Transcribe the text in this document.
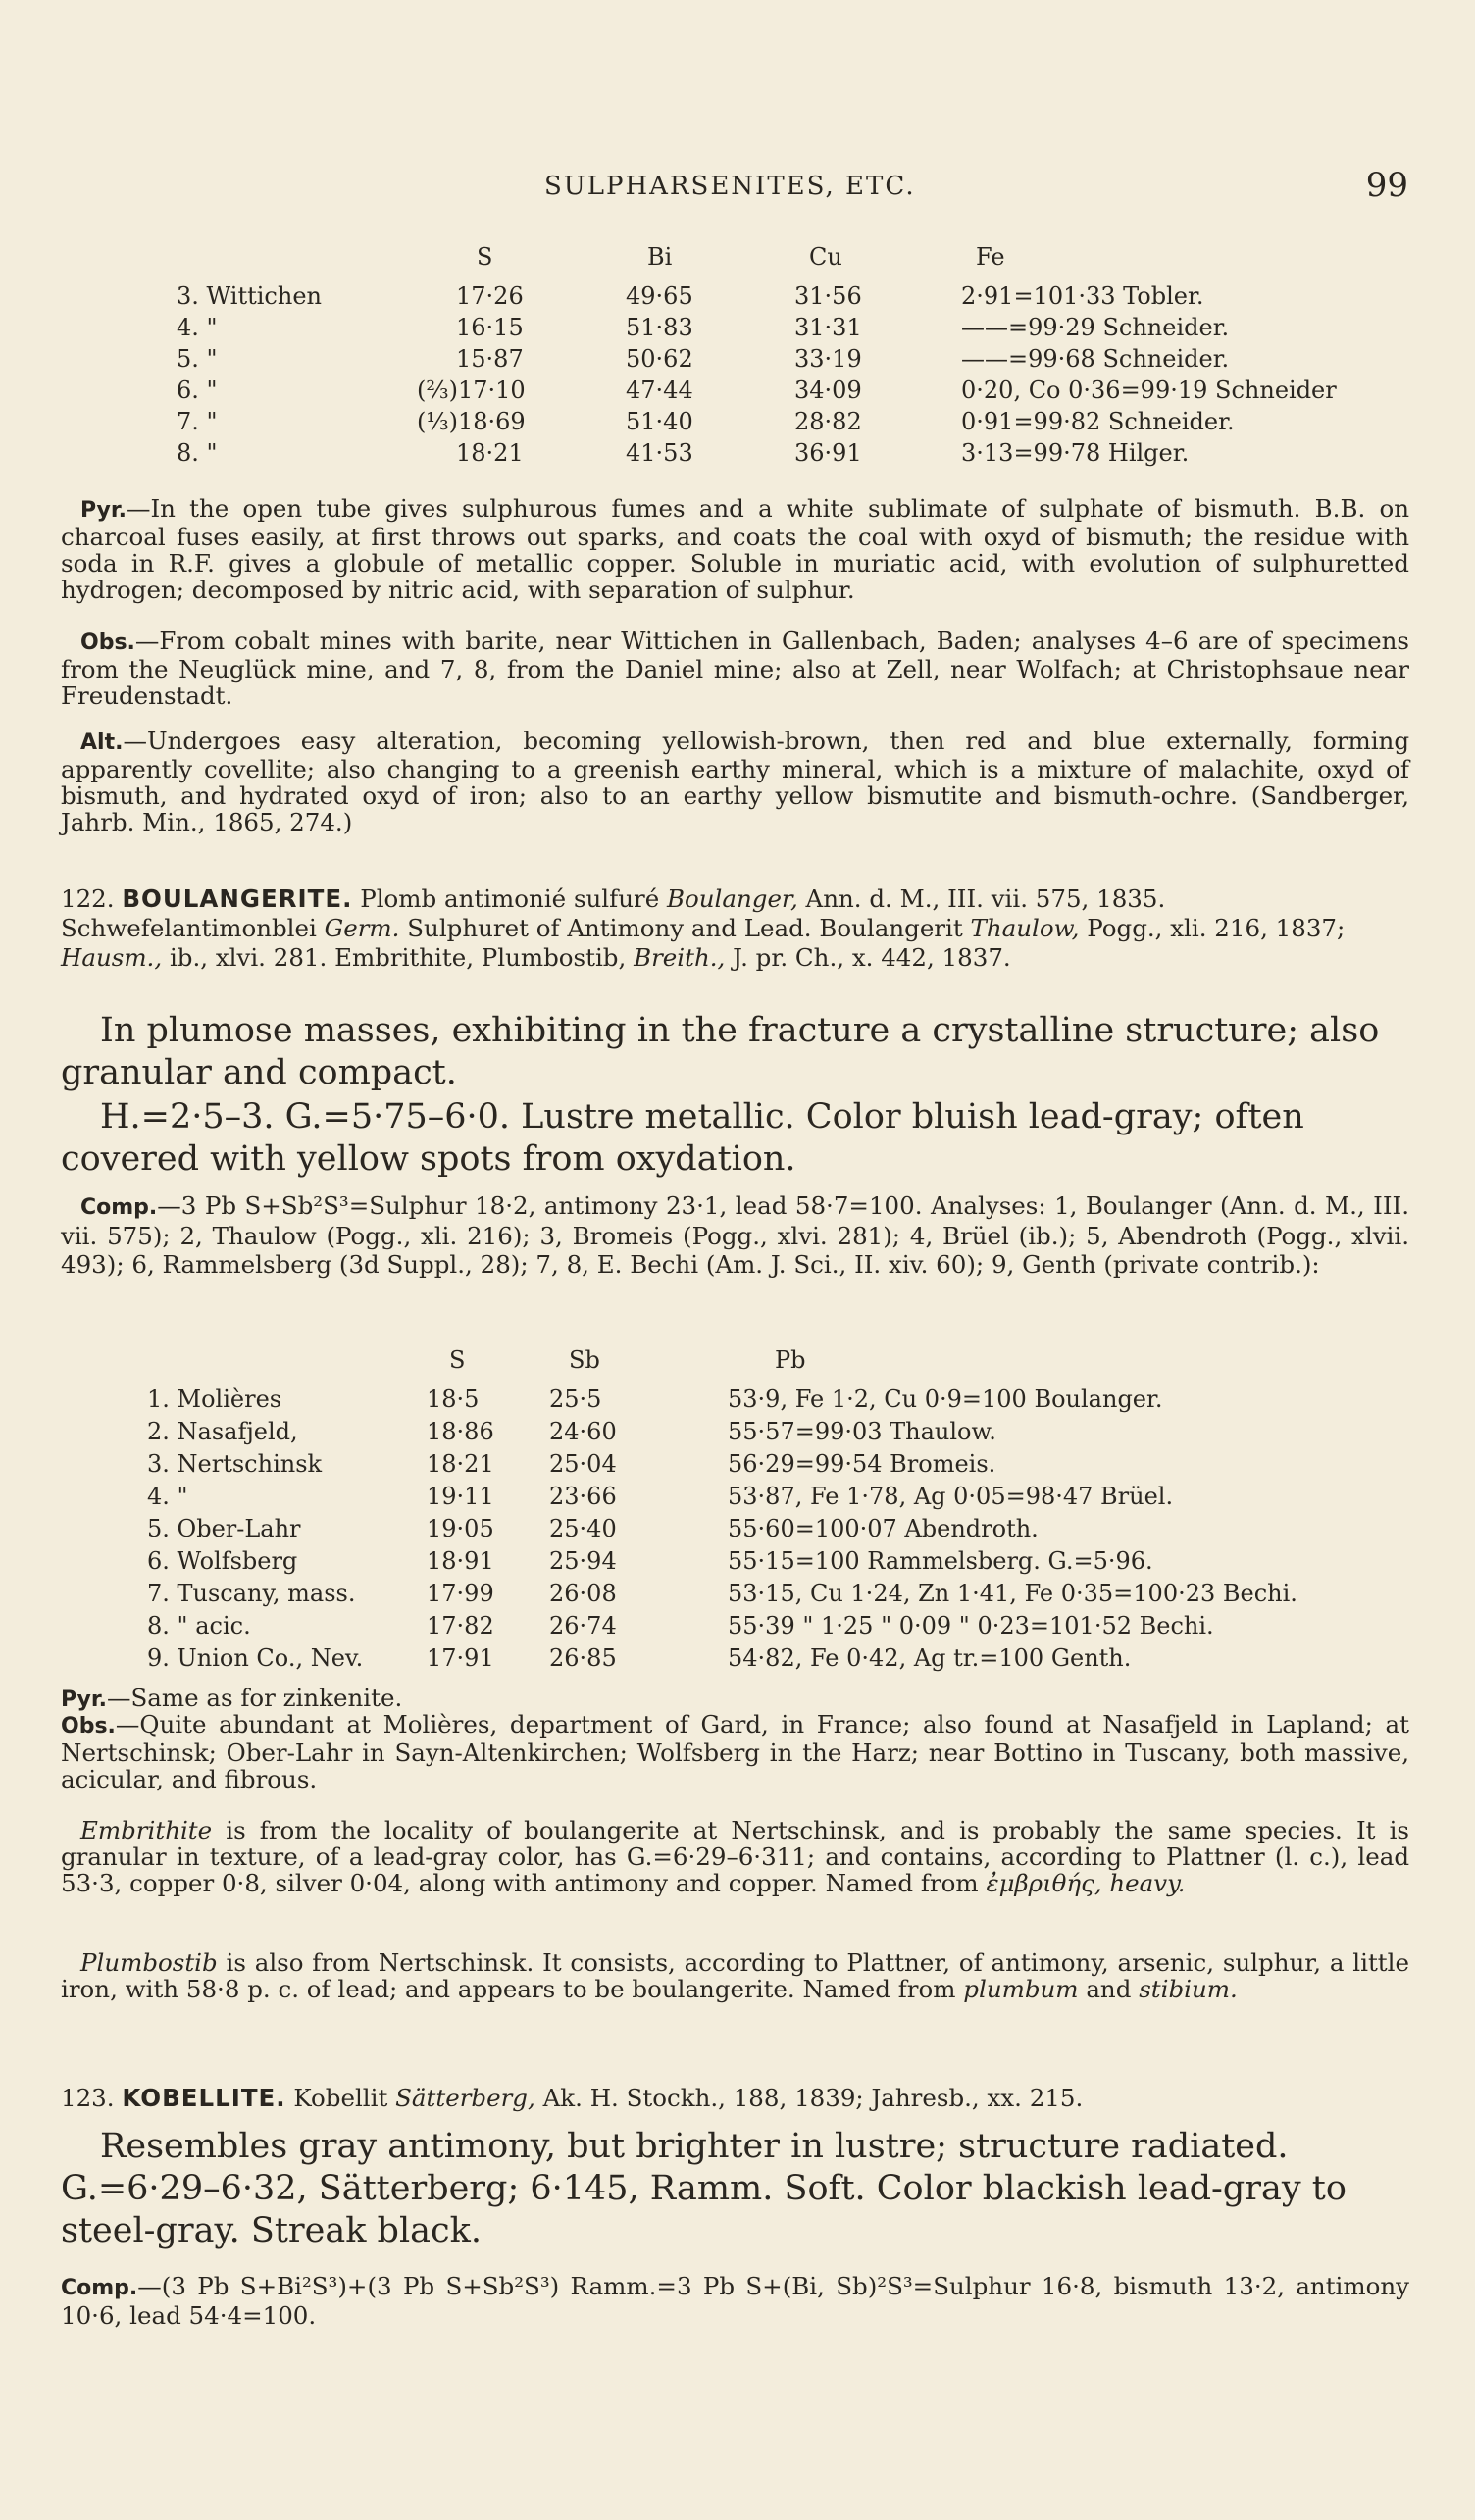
SULPHARSENITES, ETC.	99
S	Bi	Cu	Fe
3. Wittichen	17·26	49·65	31·56	2·91=101·33 Tobler.
4. "	16·15	51·83	31·31	——=99·29 Schneider.
5. "	15·87	50·62	33·19	——=99·68 Schneider.
6. "	(⅔)17·10	47·44	34·09	0·20, Co 0·36=99·19 Schneider
7. "	(⅓)18·69	51·40	28·82	0·91=99·82 Schneider.
8. "	18·21	41·53	36·91	3·13=99·78 Hilger.
Pyr.—In the open tube gives sulphurous fumes and a white sublimate of sulphate of bismuth. B.B. on charcoal fuses easily, at first throws out sparks, and coats the coal with oxyd of bismuth; the residue with soda in R.F. gives a globule of metallic copper. Soluble in muriatic acid, with evolution of sulphuretted hydrogen; decomposed by nitric acid, with separation of sulphur.
Obs.—From cobalt mines with barite, near Wittichen in Gallenbach, Baden; analyses 4–6 are of specimens from the Neuglück mine, and 7, 8, from the Daniel mine; also at Zell, near Wolfach; at Christophsaue near Freudenstadt.
Alt.—Undergoes easy alteration, becoming yellowish-brown, then red and blue externally, forming apparently covellite; also changing to a greenish earthy mineral, which is a mixture of malachite, oxyd of bismuth, and hydrated oxyd of iron; also to an earthy yellow bismutite and bismuth-ochre. (Sandberger, Jahrb. Min., 1865, 274.)
122. BOULANGERITE. Plomb antimonié sulfuré Boulanger, Ann. d. M., III. vii. 575, 1835. Schwefelantimonblei Germ. Sulphuret of Antimony and Lead. Boulangerit Thaulow, Pogg., xli. 216, 1837; Hausm., ib., xlvi. 281. Embrithite, Plumbostib, Breith., J. pr. Ch., x. 442, 1837.
In plumose masses, exhibiting in the fracture a crystalline structure; also granular and compact.
H.=2·5–3. G.=5·75–6·0. Lustre metallic. Color bluish lead-gray; often covered with yellow spots from oxydation.
Comp.—3 Pb S+Sb²S³=Sulphur 18·2, antimony 23·1, lead 58·7=100. Analyses: 1, Boulanger (Ann. d. M., III. vii. 575); 2, Thaulow (Pogg., xli. 216); 3, Bromeis (Pogg., xlvi. 281); 4, Brüel (ib.); 5, Abendroth (Pogg., xlvii. 493); 6, Rammelsberg (3d Suppl., 28); 7, 8, E. Bechi (Am. J. Sci., II. xiv. 60); 9, Genth (private contrib.):
S	Sb	Pb
1. Molières	18·5	25·5	53·9, Fe 1·2, Cu 0·9=100 Boulanger.
2. Nasafjeld,	18·86 24·60	55·57=99·03 Thaulow.
3. Nertschinsk	18·21 25·04	56·29=99·54 Bromeis.
4. "	19·11 23·66	53·87, Fe 1·78, Ag 0·05=98·47 Brüel.
5. Ober-Lahr	19·05 25·40	55·60=100·07 Abendroth.
6. Wolfsberg	18·91 25·94	55·15=100 Rammelsberg. G.=5·96.
7. Tuscany, mass.	17·99 26·08	53·15, Cu 1·24, Zn 1·41, Fe 0·35=100·23 Bechi.
8. " acic.	17·82 26·74	55·39 " 1·25 " 0·09 " 0·23=101·52 Bechi.
9. Union Co., Nev.	17·91 26·85	54·82, Fe 0·42, Ag tr.=100 Genth.
Pyr.—Same as for zinkenite.
Obs.—Quite abundant at Molières, department of Gard, in France; also found at Nasafjeld in Lapland; at Nertschinsk; Ober-Lahr in Sayn-Altenkirchen; Wolfsberg in the Harz; near Bottino in Tuscany, both massive, acicular, and fibrous.
Embrithite is from the locality of boulangerite at Nertschinsk, and is probably the same species. It is granular in texture, of a lead-gray color, has G.=6·29–6·311; and contains, according to Plattner (l. c.), lead 53·3, copper 0·8, silver 0·04, along with antimony and copper. Named from ἐμβριθής, heavy.
Plumbostib is also from Nertschinsk. It consists, according to Plattner, of antimony, arsenic, sulphur, a little iron, with 58·8 p. c. of lead; and appears to be boulangerite. Named from plumbum and stibium.
123. KOBELLITE. Kobellit Sätterberg, Ak. H. Stockh., 188, 1839; Jahresb., xx. 215.
Resembles gray antimony, but brighter in lustre; structure radiated. G.=6·29–6·32, Sätterberg; 6·145, Ramm. Soft. Color blackish lead-gray to steel-gray. Streak black.
Comp.—(3 Pb S+Bi²S³)+(3 Pb S+Sb²S³) Ramm.=3 Pb S+(Bi, Sb)²S³=Sulphur 16·8, bismuth 13·2, antimony 10·6, lead 54·4=100.
